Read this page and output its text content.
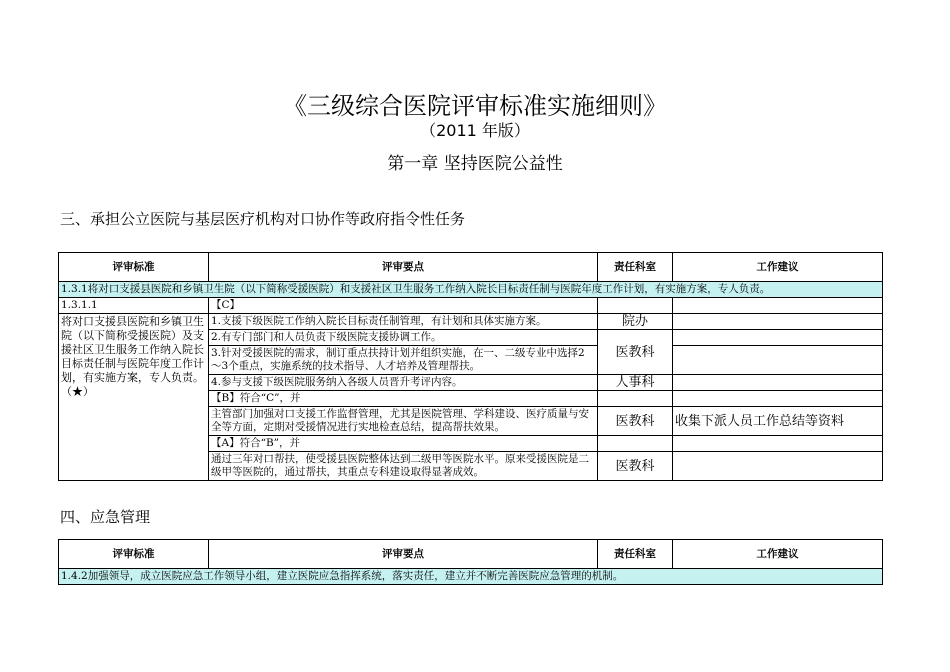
《三级综合医院评审标准实施细则》
（2011 年版）
第一章 坚持医院公益性
三、承担公立医院与基层医疗机构对口协作等政府指令性任务
评审标准	评审要点	责任科室	工作建议
1.3.1将对口支援县医院和乡镇卫生院（以下简称受援医院）和支援社区卫生服务工作纳入院长目标责任制与医院年度工作计划，有实施方案，专人负责。			
1.3.1.1	【C】		
将对口支援县医院和乡镇卫生院（以下简称受援医院）及支援社区卫生服务工作纳入院长目标责任制与医院年度工作计划，有实施方案，专人负责。（★）	1.支援下级医院工作纳入院长目标责任制管理，有计划和具体实施方案。	院办	
	2.有专门部门和人员负责下级医院支援协调工作。	医教科	
	3.针对受援医院的需求，制订重点扶持计划并组织实施，在一、二级专业中选择2～3个重点，实施系统的技术指导、人才培养及管理帮扶。		
	4.参与支援下级医院服务纳入各级人员晋升考评内容。	人事科	
	【B】符合“C”，并		
	主管部门加强对口支援工作监督管理，尤其是医院管理、学科建设、医疗质量与安全等方面，定期对受援情况进行实地检查总结，提高帮扶效果。	医教科	收集下派人员工作总结等资料
	【A】符合“B”，并		
	通过三年对口帮扶，使受援县医院整体达到二级甲等医院水平。原来受援医院是二级甲等医院的，通过帮扶，其重点专科建设取得显著成效。	医教科	
四、应急管理
评审标准	评审要点	责任科室	工作建议
1.4.2加强领导，成立医院应急工作领导小组，建立医院应急指挥系统，落实责任，建立并不断完善医院应急管理的机制。
